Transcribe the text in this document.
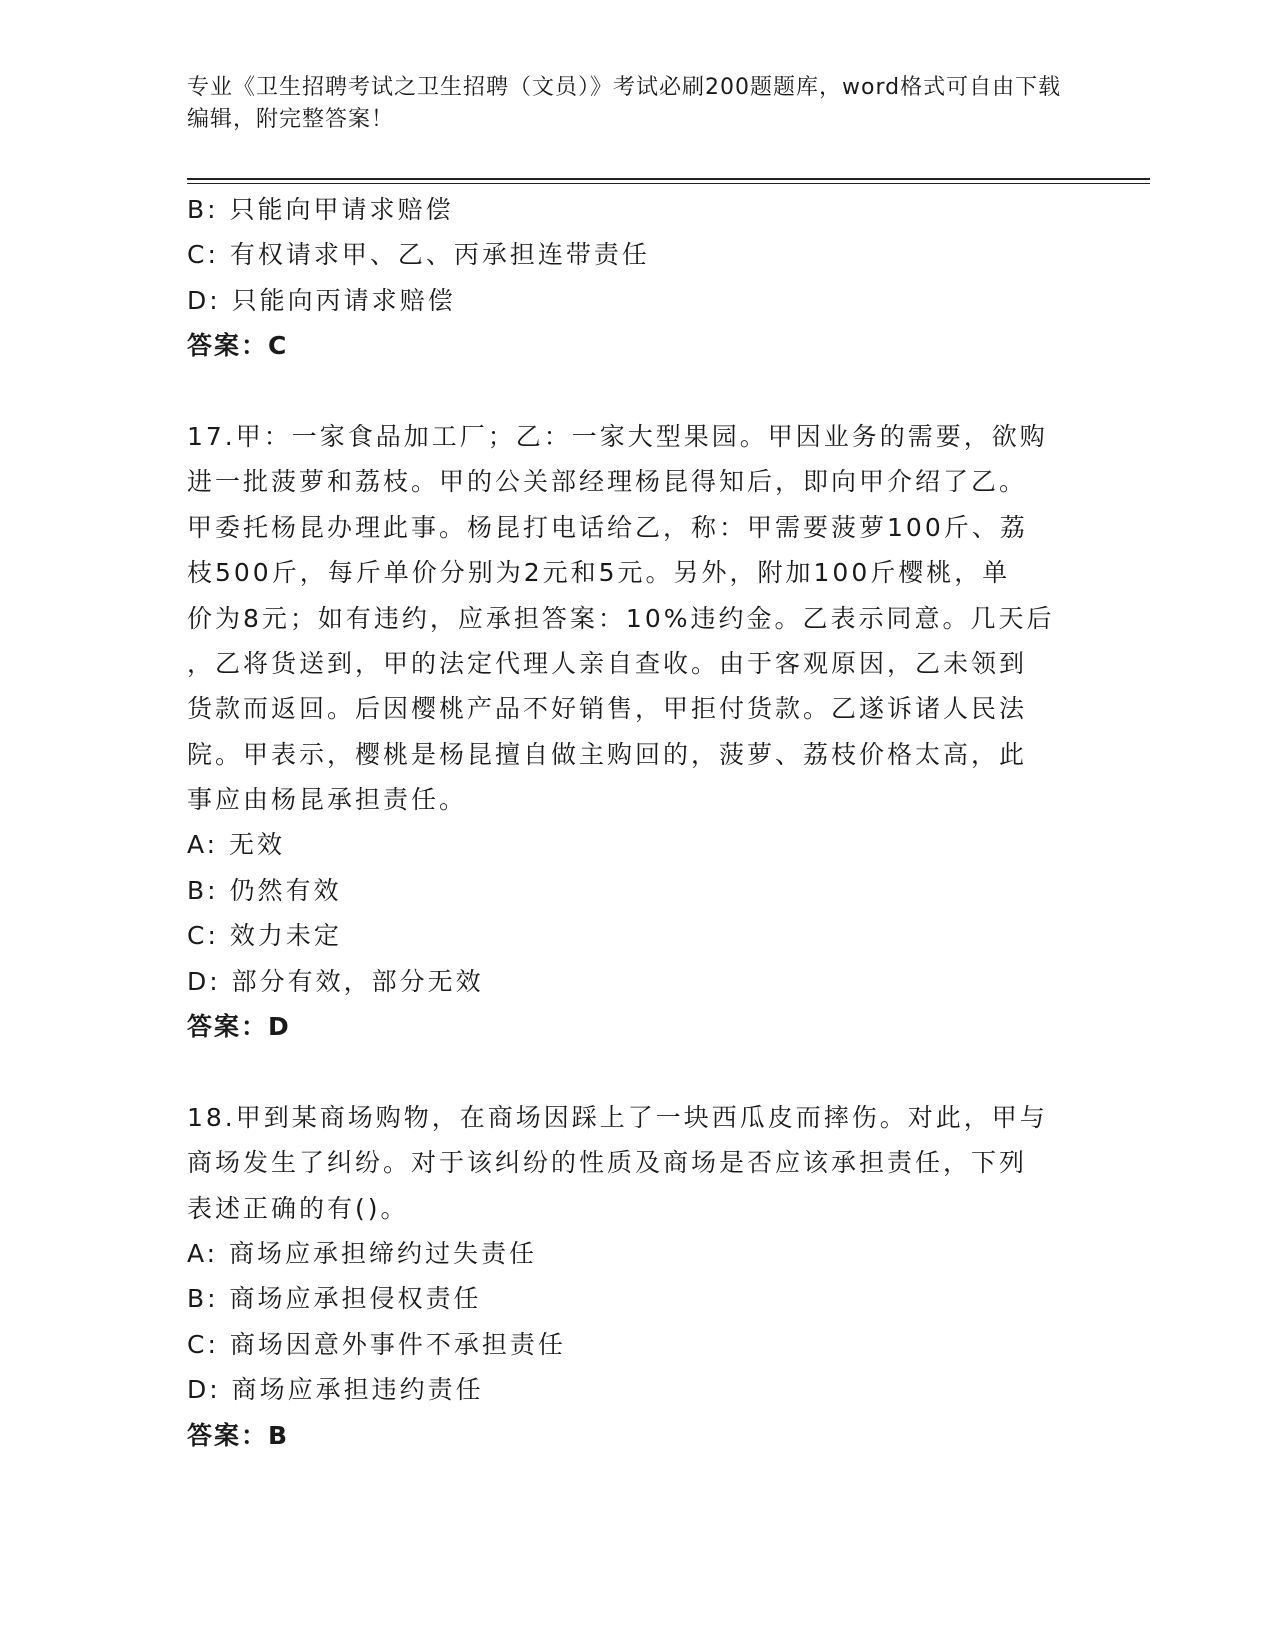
专业《卫生招聘考试之卫生招聘（文员）》考试必刷200题题库，word格式可自由下载编辑，附完整答案！
B: 只能向甲请求赔偿
C: 有权请求甲、乙、丙承担连带责任
D: 只能向丙请求赔偿
答案：C
17.甲：一家食品加工厂；乙：一家大型果园。甲因业务的需要，欲购
进一批菠萝和荔枝。甲的公关部经理杨昆得知后，即向甲介绍了乙。
甲委托杨昆办理此事。杨昆打电话给乙，称：甲需要菠萝100斤、荔
枝500斤，每斤单价分别为2元和5元。另外，附加100斤樱桃，单
价为8元；如有违约，应承担答案：10%违约金。乙表示同意。几天后
，乙将货送到，甲的法定代理人亲自查收。由于客观原因，乙未领到
货款而返回。后因樱桃产品不好销售，甲拒付货款。乙遂诉诸人民法
院。甲表示，樱桃是杨昆擅自做主购回的，菠萝、荔枝价格太高，此
事应由杨昆承担责任。
A: 无效
B: 仍然有效
C: 效力未定
D: 部分有效，部分无效
答案：D
18.甲到某商场购物，在商场因踩上了一块西瓜皮而摔伤。对此，甲与
商场发生了纠纷。对于该纠纷的性质及商场是否应该承担责任，下列
表述正确的有()。
A: 商场应承担缔约过失责任
B: 商场应承担侵权责任
C: 商场因意外事件不承担责任
D: 商场应承担违约责任
答案：B
